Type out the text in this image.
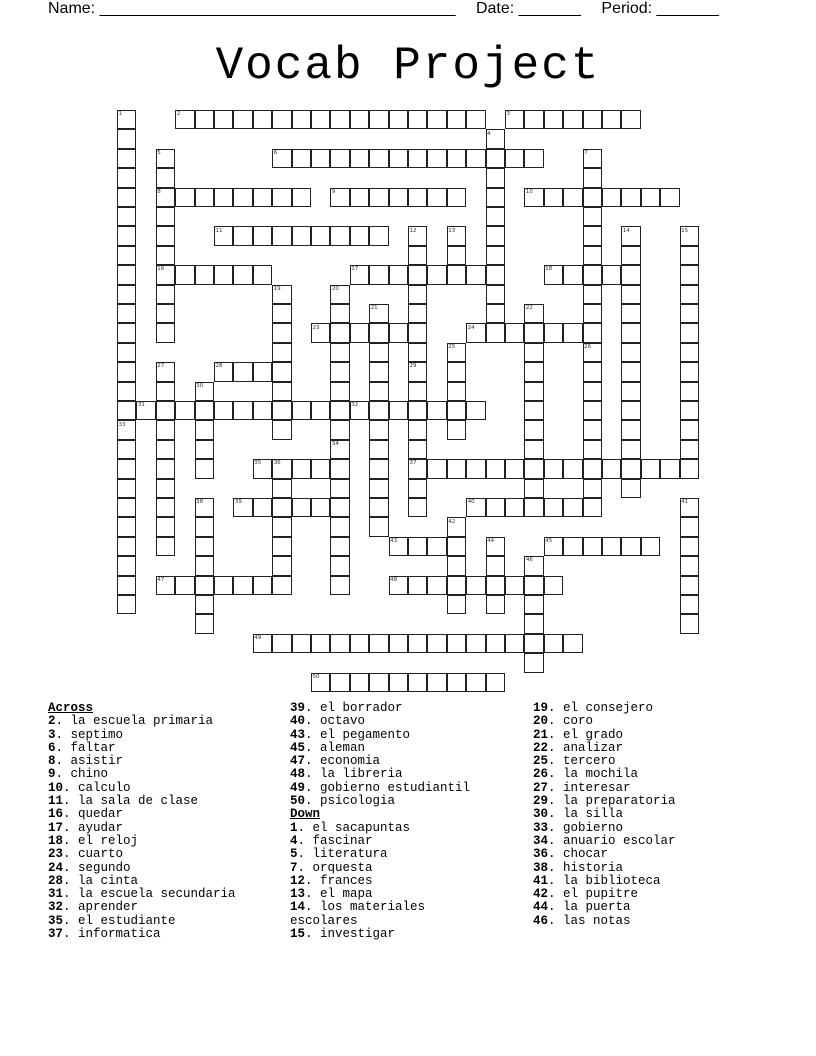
Name: ________________________________________ Date: _______ Period: _______
Vocab Project
2	3
6
8	9	10
11
16	17	18
23	24
28
31	32
35	37
39	40
43	45
47	48
49
50
1
4
5	7
12	13	14	15
19	20
21	22
25	26
27	29
30
33
34
36
38	41
42
44
46
Across
2. la escuela primaria
3. septimo
6. faltar
8. asistir
9. chino
10. calculo
11. la sala de clase
16. quedar
17. ayudar
18. el reloj
23. cuarto
24. segundo
28. la cinta
31. la escuela secundaria
32. aprender
35. el estudiante
37. informatica
39. el borrador
40. octavo
43. el pegamento
45. aleman
47. economia
48. la libreria
49. gobierno estudiantil
50. psicologia
Down
1. el sacapuntas
4. fascinar
5. literatura
7. orquesta
12. frances
13. el mapa
14. los materiales escolares
15. investigar
19. el consejero
20. coro
21. el grado
22. analizar
25. tercero
26. la mochila
27. interesar
29. la preparatoria
30. la silla
33. gobierno
34. anuario escolar
36. chocar
38. historia
41. la biblioteca
42. el pupitre
44. la puerta
46. las notas
